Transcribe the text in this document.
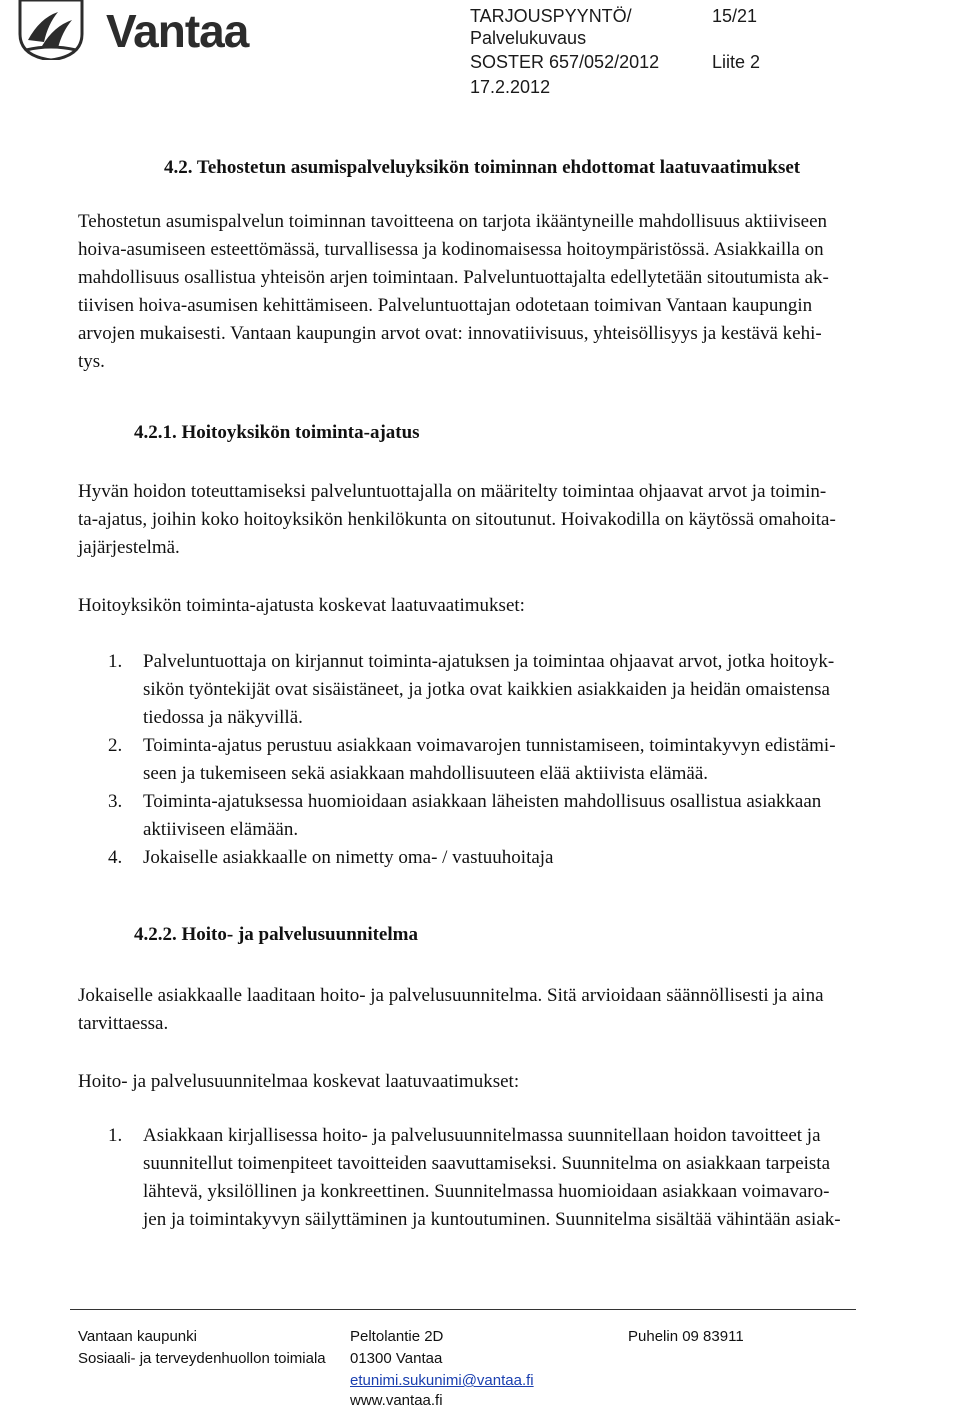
Vantaa	TARJOUSPYYNTÖ/	15/21
Palvelukuvaus
SOSTER 657/052/2012	Liite 2
17.2.2012
4.2. Tehostetun asumispalveluyksikön toiminnan ehdottomat laatuvaatimukset
Tehostetun asumispalvelun toiminnan tavoitteena on tarjota ikääntyneille mahdollisuus aktiiviseen
hoiva-asumiseen esteettömässä, turvallisessa ja kodinomaisessa hoitoympäristössä. Asiakkailla on
mahdollisuus osallistua yhteisön arjen toimintaan. Palveluntuottajalta edellytetään sitoutumista ak-
tiivisen hoiva-asumisen kehittämiseen. Palveluntuottajan odotetaan toimivan Vantaan kaupungin
arvojen mukaisesti. Vantaan kaupungin arvot ovat: innovatiivisuus, yhteisöllisyys ja kestävä kehi-
tys.
4.2.1. Hoitoyksikön toiminta-ajatus
Hyvän hoidon toteuttamiseksi palveluntuottajalla on määritelty toimintaa ohjaavat arvot ja toimin-
ta-ajatus, joihin koko hoitoyksikön henkilökunta on sitoutunut. Hoivakodilla on käytössä omahoita-
jajärjestelmä.
Hoitoyksikön toiminta-ajatusta koskevat laatuvaatimukset:
1. Palveluntuottaja on kirjannut toiminta-ajatuksen ja toimintaa ohjaavat arvot, jotka hoitoyk-
sikön työntekijät ovat sisäistäneet, ja jotka ovat kaikkien asiakkaiden ja heidän omaistensa
tiedossa ja näkyvillä.
2. Toiminta-ajatus perustuu asiakkaan voimavarojen tunnistamiseen, toimintakyvyn edistämi-
seen ja tukemiseen sekä asiakkaan mahdollisuuteen elää aktiivista elämää.
3. Toiminta-ajatuksessa huomioidaan asiakkaan läheisten mahdollisuus osallistua asiakkaan
aktiiviseen elämään.
4. Jokaiselle asiakkaalle on nimetty oma- / vastuuhoitaja
4.2.2. Hoito- ja palvelusuunnitelma
Jokaiselle asiakkaalle laaditaan hoito- ja palvelusuunnitelma. Sitä arvioidaan säännöllisesti ja aina
tarvittaessa.
Hoito- ja palvelusuunnitelmaa koskevat laatuvaatimukset:
1. Asiakkaan kirjallisessa hoito- ja palvelusuunnitelmassa suunnitellaan hoidon tavoitteet ja
suunnitellut toimenpiteet tavoitteiden saavuttamiseksi. Suunnitelma on asiakkaan tarpeista
lähtevä, yksilöllinen ja konkreettinen. Suunnitelmassa huomioidaan asiakkaan voimavaro-
jen ja toimintakyvyn säilyttäminen ja kuntoutuminen. Suunnitelma sisältää vähintään asiak-
Vantaan kaupunki
Sosiaali- ja terveydenhuollon toimiala
Peltolantie 2D
01300 Vantaa
etunimi.sukunimi@vantaa.fi
www.vantaa.fi
Puhelin 09 83911
